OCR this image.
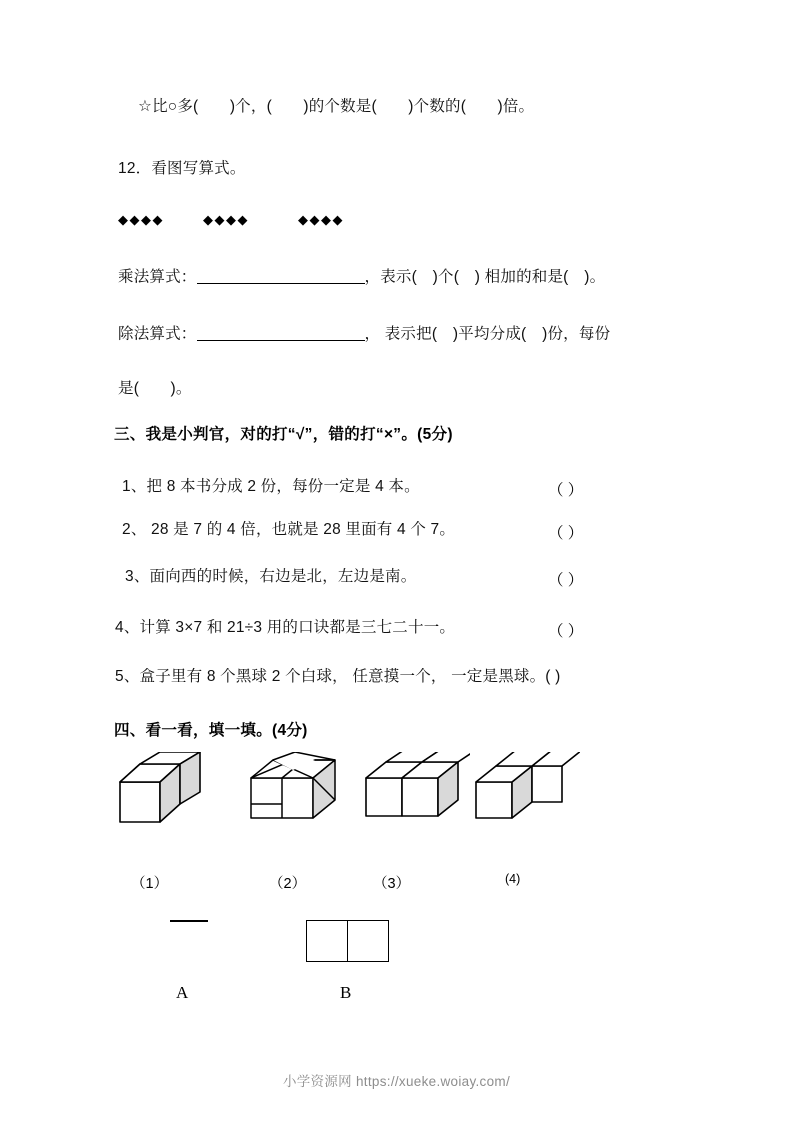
☆比○多(　　)个，(　　)的个数是(　　)个数的(　　)倍。
12．看图写算式。
◆◆◆◆	◆◆◆◆	◆◆◆◆
乘法算式：	，表示(　)个(　) 相加的和是(　)。
除法算式：	， 表示把(　)平均分成(　)份，每份
是(　　)。
三、我是小判官，对的打“√”，错的打“×”。(5分)
1、把 8 本书分成 2 份，每份一定是 4 本。	（ ）
2、 28 是 7 的 4 倍，也就是 28 里面有 4 个 7。	（ ）
3、面向西的时候，右边是北，左边是南。	（ ）
4、计算 3×7 和 21÷3 用的口诀都是三七二十一。	（ ）
5、盒子里有 8 个黑球 2 个白球， 任意摸一个， 一定是黑球。( )
四、看一看，填一填。(4分)
（1）	（2）	（3）	(4)
A	B
小学资源网 https://xueke.woiay.com/
